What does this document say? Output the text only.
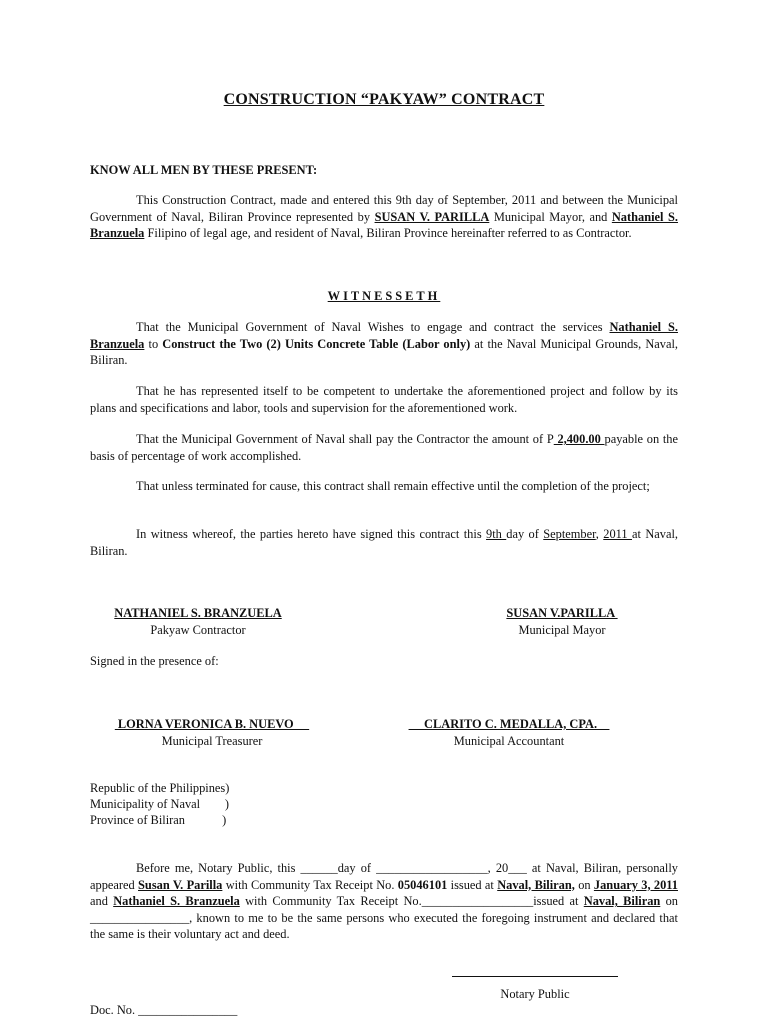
CONSTRUCTION “PAKYAW” CONTRACT

KNOW ALL MEN BY THESE PRESENT:

This Construction Contract, made and entered this 9th day of September, 2011 and between the Municipal Government of Naval, Biliran Province represented by SUSAN V. PARILLA Municipal Mayor, and Nathaniel S. Branzuela Filipino of legal age, and resident of Naval, Biliran Province hereinafter referred to as Contractor.

WITNESSETH

That the Municipal Government of Naval Wishes to engage and contract the services Nathaniel S. Branzuela to Construct the Two (2) Units Concrete Table (Labor only) at the Naval Municipal Grounds, Naval, Biliran.

That he has represented itself to be competent to undertake the aforementioned project and follow by its plans and specifications and labor, tools and supervision for the aforementioned work.

That the Municipal Government of Naval shall pay the Contractor the amount of P 2,400.00 payable on the basis of percentage of work accomplished.

That unless terminated for cause, this contract shall remain effective until the completion of the project;

In witness whereof, the parties hereto have signed this contract this 9th day of September, 2011 at Naval, Biliran.

NATHANIEL S. BRANZUELA
Pakyaw Contractor
SUSAN V.PARILLA
Municipal Mayor
Signed in the presence of:
LORNA VERONICA B. NUEVO
Municipal Treasurer
CLARITO C. MEDALLA, CPA.
Municipal Accountant
Republic of the Philippines)
Municipality of Naval        )
Province of Biliran            )

Before me, Notary Public, this ______day of __________________, 20___ at Naval, Biliran, personally appeared Susan V. Parilla with Community Tax Receipt No. 05046101 issued at Naval, Biliran, on January 3, 2011 and Nathaniel S. Branzuela with Community Tax Receipt No.__________________issued at Naval, Biliran on ________________, known to me to be the same persons who executed the foregoing instrument and declared that the same is their voluntary act and deed.

Notary Public
Doc. No. ________________
